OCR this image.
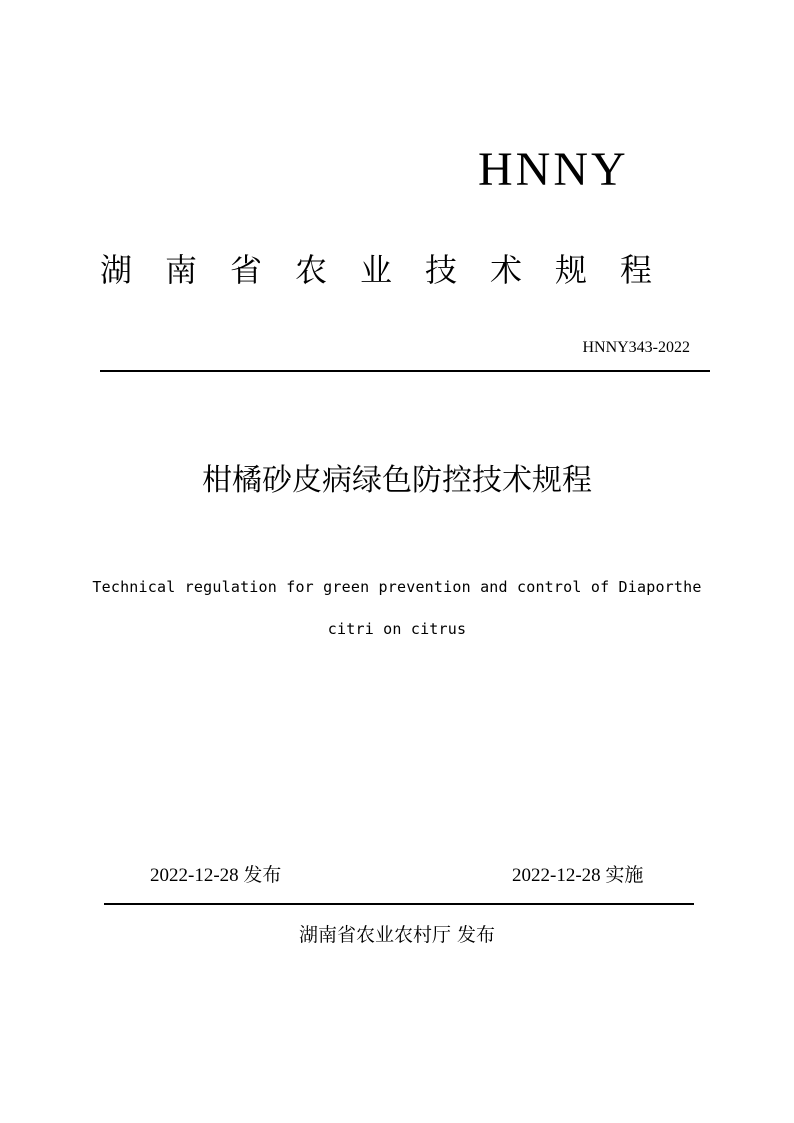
HNNY
湖南省农业技术规程
HNNY343-2022
柑橘砂皮病绿色防控技术规程
Technical regulation for green prevention and control of Diaporthe
citri on citrus
2022-12-28 发布	2022-12-28 实施
湖南省农业农村厅 发布
